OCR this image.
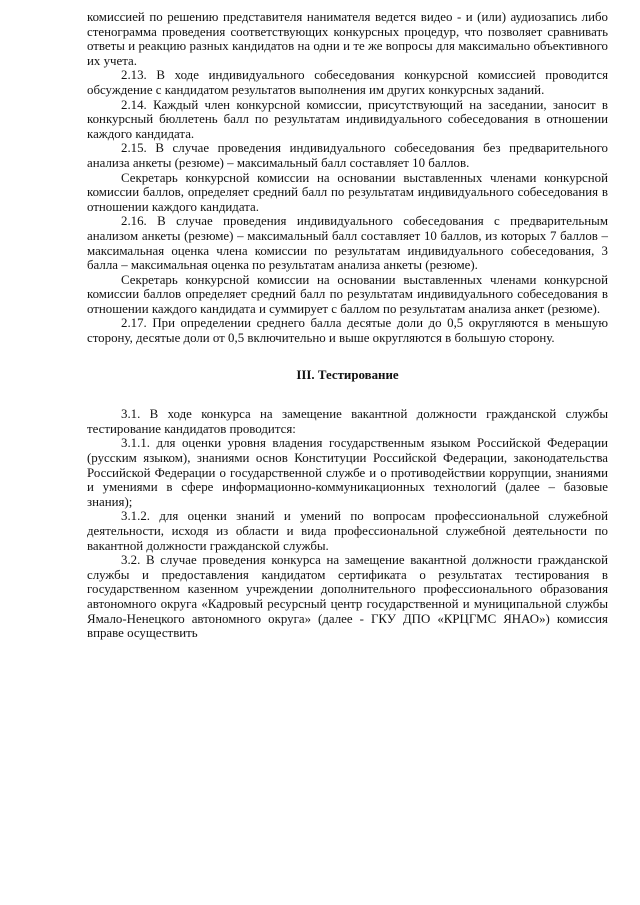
комиссией по решению представителя нанимателя ведется видео - и (или) аудиозапись либо стенограмма проведения соответствующих конкурсных процедур, что позволяет сравнивать ответы и реакцию разных кандидатов на одни и те же вопросы для максимально объективного их учета.

2.13. В ходе индивидуального собеседования конкурсной комиссией проводится обсуждение с кандидатом результатов выполнения им других конкурсных заданий.

2.14. Каждый член конкурсной комиссии, присутствующий на заседании, заносит в конкурсный бюллетень балл по результатам индивидуального собеседования в отношении каждого кандидата.

2.15. В случае проведения индивидуального собеседования без предварительного анализа анкеты (резюме) – максимальный балл составляет 10 баллов.

Секретарь конкурсной комиссии на основании выставленных членами конкурсной комиссии баллов, определяет средний балл по результатам индивидуального собеседования в отношении каждого кандидата.

2.16. В случае проведения индивидуального собеседования с предварительным анализом анкеты (резюме) – максимальный балл составляет 10 баллов, из которых 7 баллов – максимальная оценка члена комиссии по результатам индивидуального собеседования, 3 балла – максимальная оценка по результатам анализа анкеты (резюме).

Секретарь конкурсной комиссии на основании выставленных членами конкурсной комиссии баллов определяет средний балл по результатам индивидуального собеседования в отношении каждого кандидата и суммирует с баллом по результатам анализа анкет (резюме).

2.17. При определении среднего балла десятые доли до 0,5 округляются в меньшую сторону, десятые доли от 0,5 включительно и выше округляются в большую сторону.

III. Тестирование

3.1. В ходе конкурса на замещение вакантной должности гражданской службы тестирование кандидатов проводится:

3.1.1. для оценки уровня владения государственным языком Российской Федерации (русским языком), знаниями основ Конституции Российской Федерации, законодательства Российской Федерации о государственной службе и о противодействии коррупции, знаниями и умениями в сфере информационно-коммуникационных технологий (далее – базовые знания);

3.1.2. для оценки знаний и умений по вопросам профессиональной служебной деятельности, исходя из области и вида профессиональной служебной деятельности по вакантной должности гражданской службы.

3.2. В случае проведения конкурса на замещение вакантной должности гражданской службы и предоставления кандидатом сертификата о результатах тестирования в государственном казенном учреждении дополнительного профессионального образования автономного округа «Кадровый ресурсный центр государственной и муниципальной службы Ямало-Ненецкого автономного округа» (далее - ГКУ ДПО «КРЦГМС ЯНАО») комиссия вправе осуществить
